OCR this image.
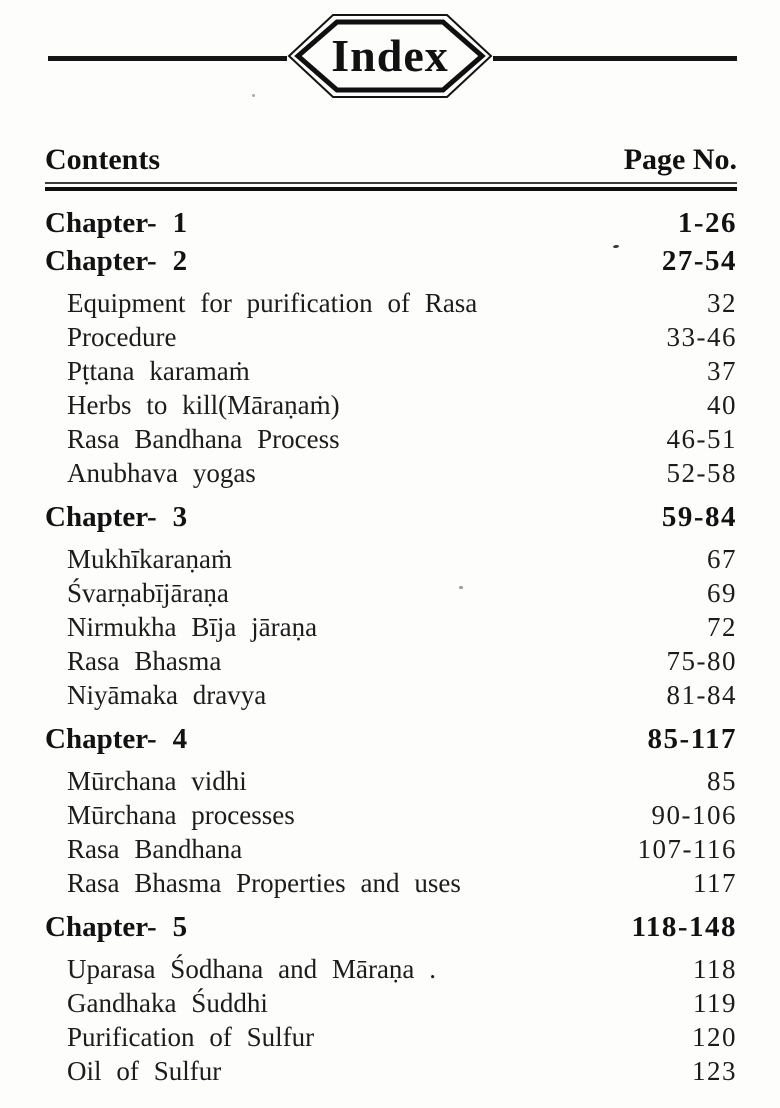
Index
Contents	Page No.
Chapter- 1	1-26
Chapter- 2	27-54
Equipment for purification of Rasa	32
Procedure	33-46
Pṭtana karamaṁ	37
Herbs to kill(Māraṇaṁ)	40
Rasa Bandhana Process	46-51
Anubhava yogas	52-58
Chapter- 3	59-84
Mukhīkaraṇaṁ	67
Śvarṇabījāraṇa	69
Nirmukha Bīja jāraṇa	72
Rasa Bhasma	75-80
Niyāmaka dravya	81-84
Chapter- 4	85-117
Mūrchana vidhi	85
Mūrchana processes	90-106
Rasa Bandhana	107-116
Rasa Bhasma Properties and uses	117
Chapter- 5	118-148
Uparasa Śodhana and Māraṇa .	118
Gandhaka Śuddhi	119
Purification of Sulfur	120
Oil of Sulfur	123
